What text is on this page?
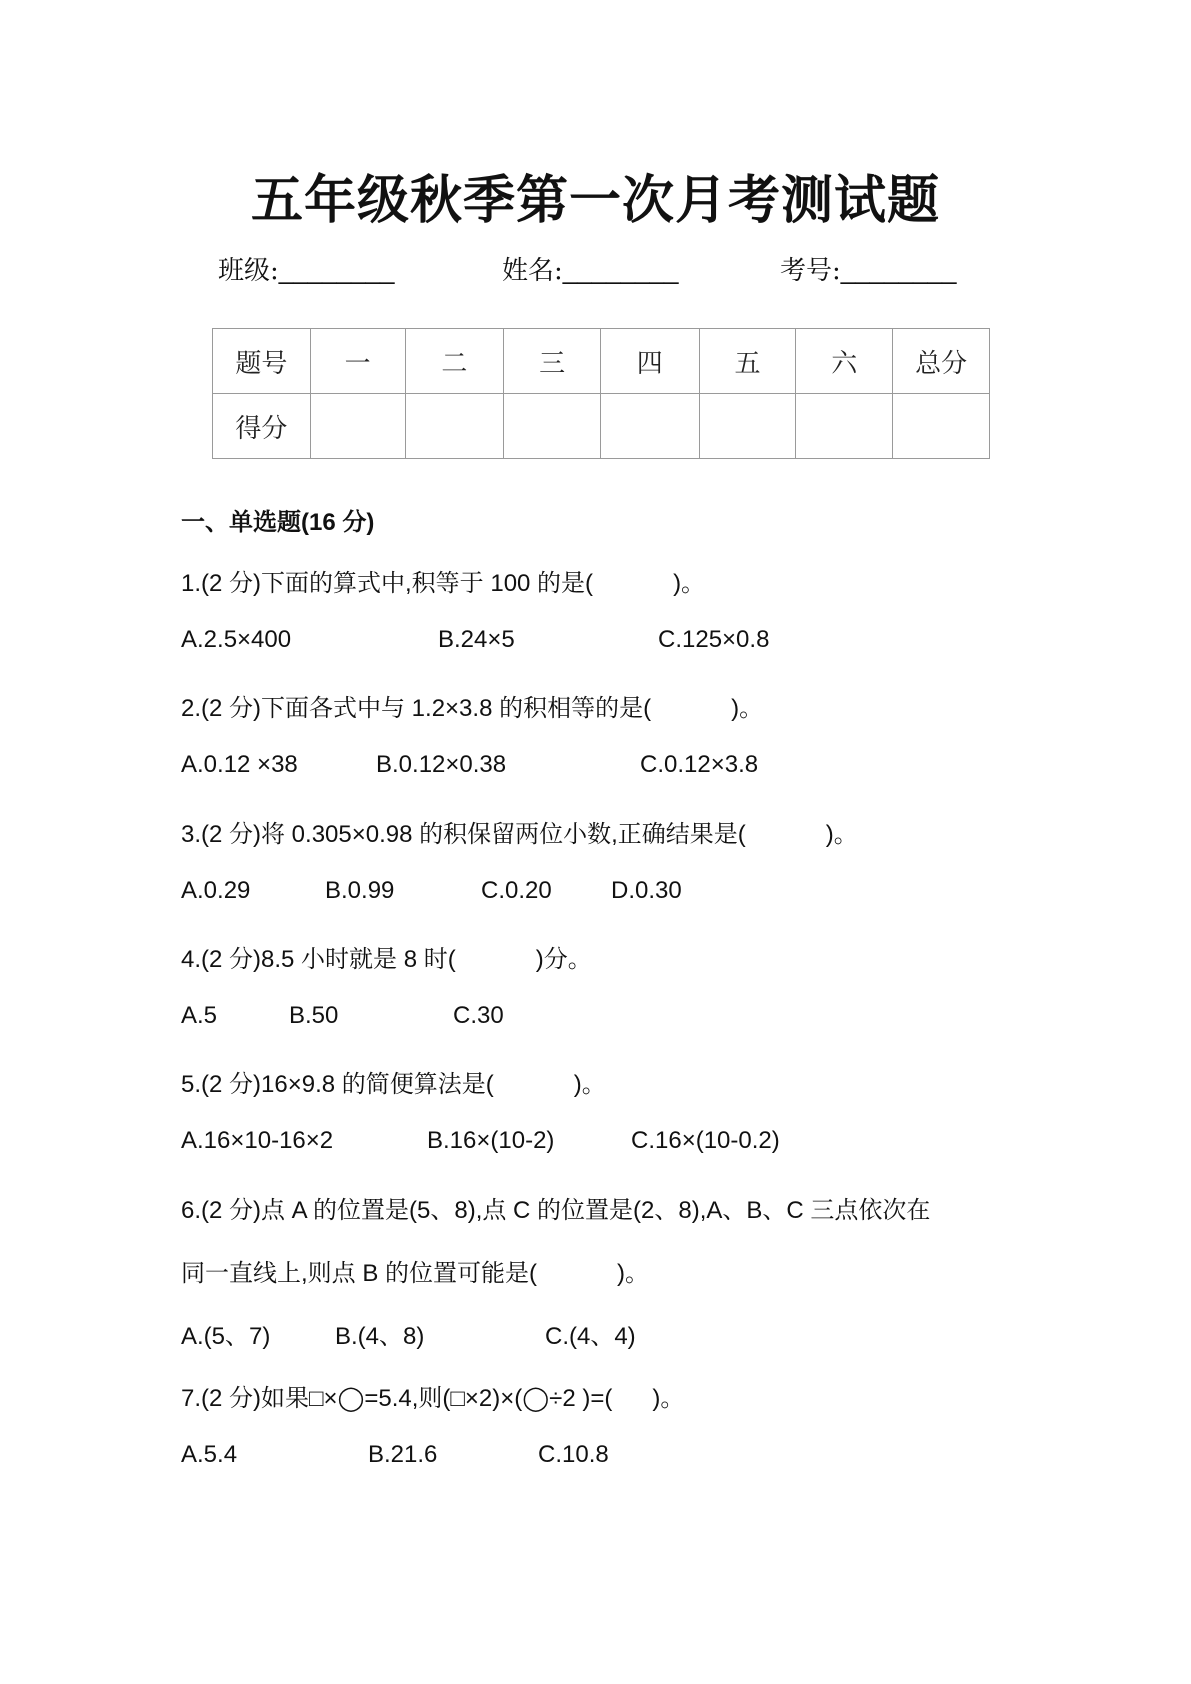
五年级秋季第一次月考测试题
班级:________	姓名:________	考号:________
题号	一	二	三	四	五	六	总分
得分							
一、单选题(16 分)
1.(2 分)下面的算式中,积等于 100 的是(            )。
A.2.5×400	B.24×5	C.125×0.8
2.(2 分)下面各式中与 1.2×3.8 的积相等的是(            )。
A.0.12 ×38	B.0.12×0.38	C.0.12×3.8
3.(2 分)将 0.305×0.98 的积保留两位小数,正确结果是(            )。
A.0.29	B.0.99	C.0.20 D.0.30
4.(2 分)8.5 小时就是 8 时(            )分。
A.5	B.50	C.30
5.(2 分)16×9.8 的简便算法是(            )。
A.16×10-16×2	B.16×(10-2)	C.16×(10-0.2)
6.(2 分)点 A 的位置是(5、8),点 C 的位置是(2、8),A、B、C 三点依次在
同一直线上,则点 B 的位置可能是(            )。
A.(5、7)	B.(4、8)	C.(4、4)
7.(2 分)如果□×◯=5.4,则(□×2)×(◯÷2 )=(      )。
A.5.4	B.21.6	C.10.8
